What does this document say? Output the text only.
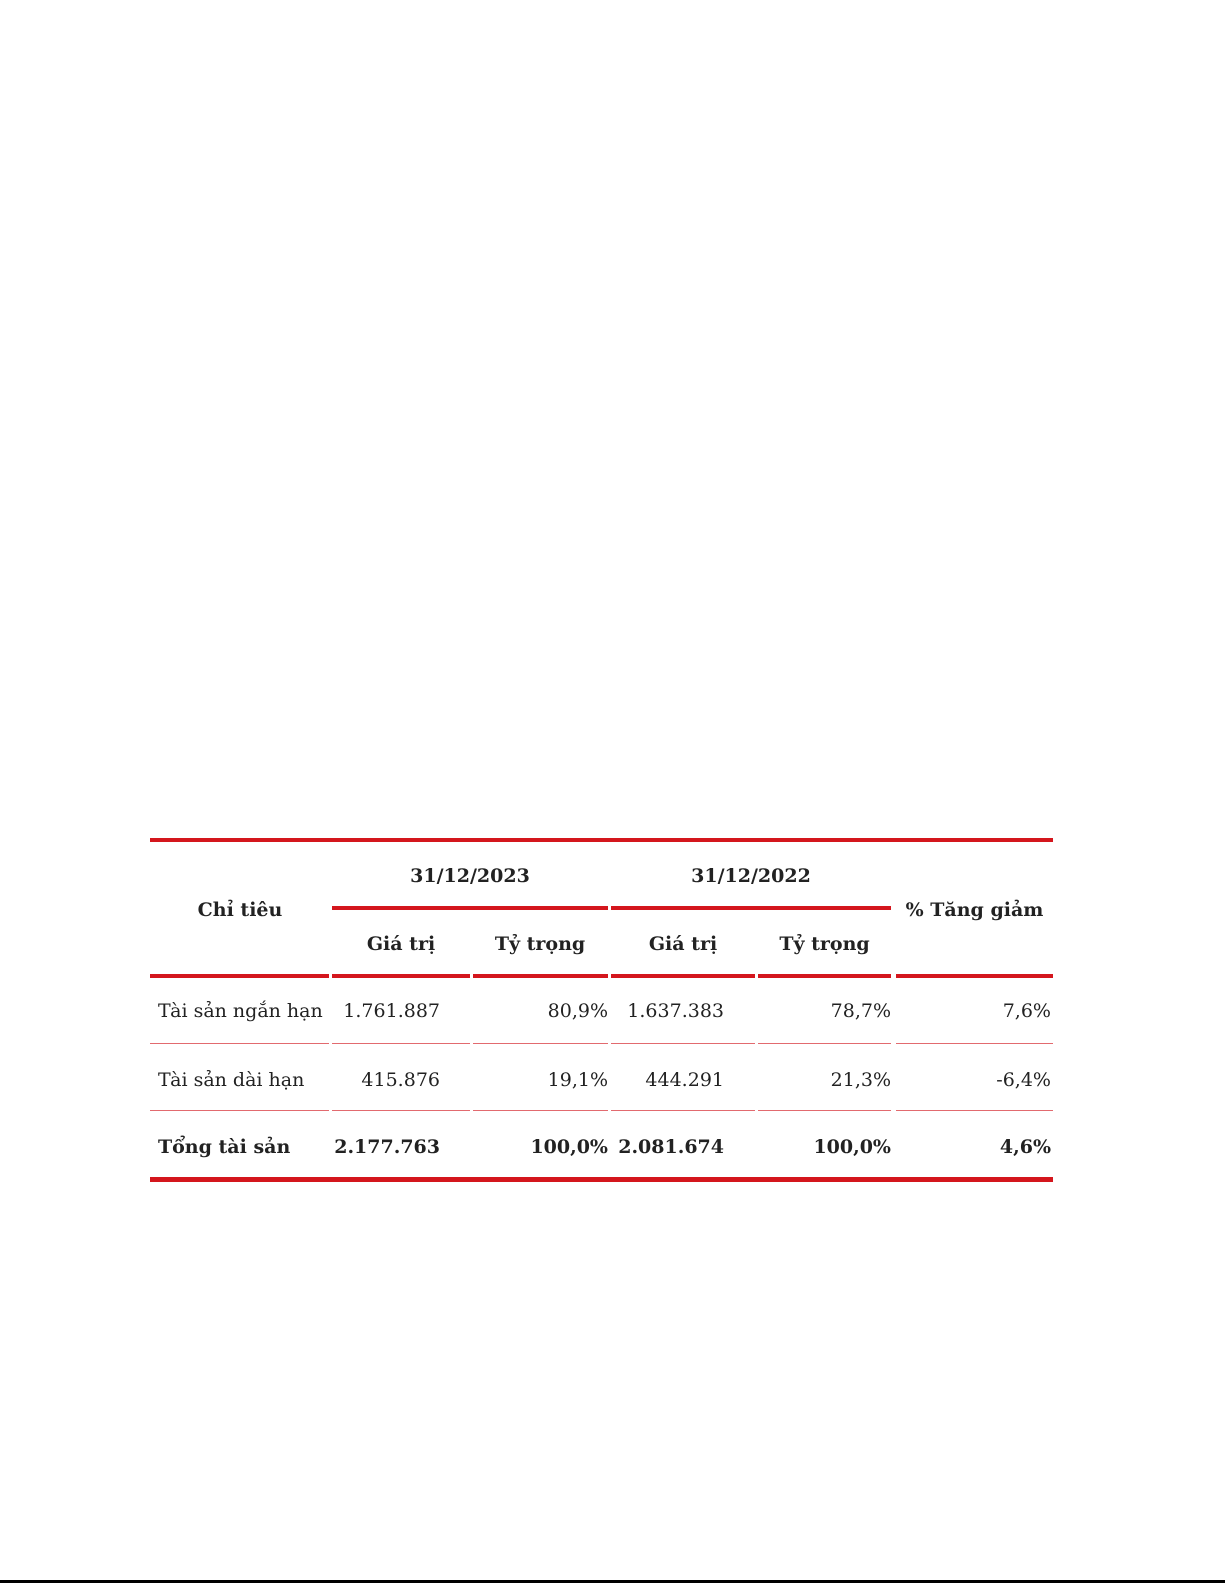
Chỉ tiêu
31/12/2023	31/12/2022
% Tăng giảm
Giá trị	Tỷ trọng	Giá trị	Tỷ trọng
Tài sản ngắn hạn	1.761.887	80,9%	1.637.383	78,7%	7,6%
Tài sản dài hạn	415.876	19,1%	444.291	21,3%	-6,4%
Tổng tài sản	2.177.763	100,0% 2.081.674	100,0%	4,6%
